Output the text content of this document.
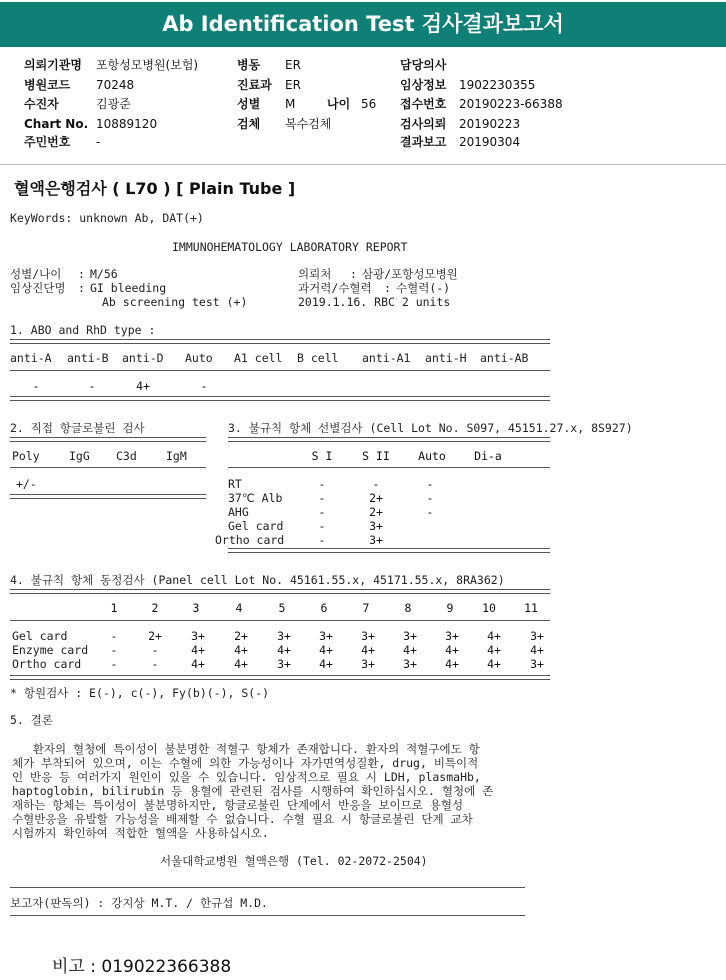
Ab Identification Test 검사결과보고서
의뢰기관명 포항성모병원(보험)
병원코드 70248
수진자	김광준
Chart No. 10889120
주민번호 -
병동 ER
진료과 ER
성별 M	나이 56
검체 복수검체
담당의사
임상정보 1902230355
접수번호 20190223-66388
검사의뢰 20190223
결과보고 20190304
혈액은행검사 ( L70 ) [ Plain Tube ]
KeyWords: unknown Ab, DAT(+)
IMMUNOHEMATOLOGY LABORATORY REPORT
성별/나이 : M/56
임상진단명 : GI bleeding
Ab screening test (+)
의뢰처 : 삼광/포항성모병원
과거력/수혈력 : 수혈력(-)
2019.1.16. RBC 2 units
1. ABO and RhD type :
anti-A anti-B anti-D Auto A1 cell B cell anti-A1 anti-H anti-AB
-	-	4+	-
2. 직접 항글로불린 검사
Poly	IgG C3d	IgM
+/-
3. 불규칙 항체 선별검사 (Cell Lot No. S097, 45151.27.x, 8S927)
S I	S II	Auto	Di-a
RT	-	-	-
37℃ Alb	-	2+	-
AHG	-	2+	-
Gel card	-	3+
Ortho card	-	3+
4. 불규칙 항체 동정검사 (Panel cell Lot No. 45161.55.x, 45171.55.x, 8RA362)
1	2	3	4	5	6	7	8	9	10	11
Gel card	-	2+	3+	2+	3+	3+	3+	3+	3+	4+	3+
Enzyme card	-	-	4+	4+	4+	4+	4+	4+	4+	4+	4+
Ortho card	-	-	4+	4+	3+	4+	3+	3+	4+	4+	3+
* 항원검사 : E(-), c(-), Fy(b)(-), S(-)
5. 결론
환자의 혈청에 특이성이 불분명한 적혈구 항체가 존재합니다. 환자의 적혈구에도 항
체가 부착되어 있으며, 이는 수혈에 의한 가능성이나 자가면역성질환, drug, 비특이적
인 반응 등 여러가지 원인이 있을 수 있습니다. 임상적으로 필요 시 LDH, plasmaHb,
haptoglobin, bilirubin 등 용혈에 관련된 검사를 시행하여 확인하십시오. 혈청에 존
재하는 항체는 특이성이 불분명하지만, 항글로불린 단계에서 반응을 보이므로 용혈성
수혈반응을 유발할 가능성을 배제할 수 없습니다. 수혈 필요 시 항글로불린 단계 교차
시험까지 확인하여 적합한 혈액을 사용하십시오.
서울대학교병원 혈액은행 (Tel. 02-2072-2504)
보고자(판독의) : 강지상 M.T. / 한규섭 M.D.
비고 : 019022366388
